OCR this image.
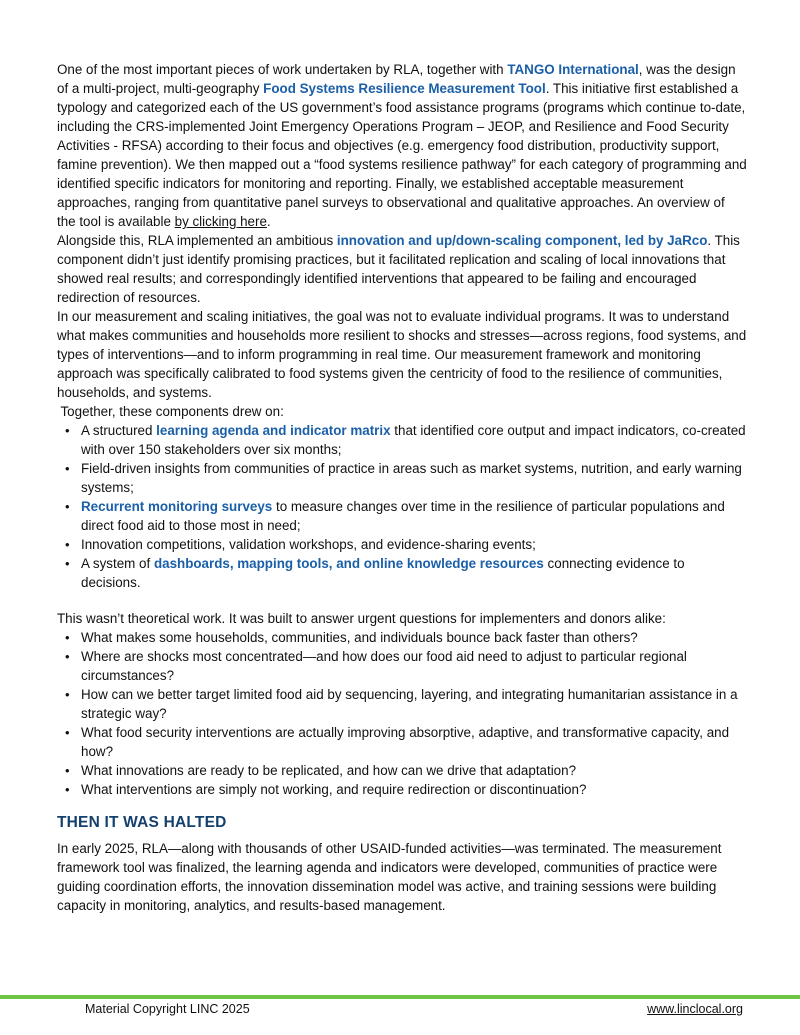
One of the most important pieces of work undertaken by RLA, together with TANGO International, was the design of a multi-project, multi-geography Food Systems Resilience Measurement Tool. This initiative first established a typology and categorized each of the US government’s food assistance programs (programs which continue to-date, including the CRS-implemented Joint Emergency Operations Program – JEOP, and Resilience and Food Security Activities - RFSA) according to their focus and objectives (e.g. emergency food distribution, productivity support, famine prevention). We then mapped out a “food systems resilience pathway” for each category of programming and identified specific indicators for monitoring and reporting. Finally, we established acceptable measurement approaches, ranging from quantitative panel surveys to observational and qualitative approaches. An overview of the tool is available by clicking here.

Alongside this, RLA implemented an ambitious innovation and up/down-scaling component, led by JaRco. This component didn’t just identify promising practices, but it facilitated replication and scaling of local innovations that showed real results; and correspondingly identified interventions that appeared to be failing and encouraged redirection of resources.

In our measurement and scaling initiatives, the goal was not to evaluate individual programs. It was to understand what makes communities and households more resilient to shocks and stresses—across regions, food systems, and types of interventions—and to inform programming in real time. Our measurement framework and monitoring approach was specifically calibrated to food systems given the centricity of food to the resilience of communities, households, and systems.

Together, these components drew on:

• A structured learning agenda and indicator matrix that identified core output and impact indicators, co-created with over 150 stakeholders over six months;
• Field-driven insights from communities of practice in areas such as market systems, nutrition, and early warning systems;
• Recurrent monitoring surveys to measure changes over time in the resilience of particular populations and direct food aid to those most in need;
• Innovation competitions, validation workshops, and evidence-sharing events;
• A system of dashboards, mapping tools, and online knowledge resources connecting evidence to decisions.

This wasn’t theoretical work. It was built to answer urgent questions for implementers and donors alike:

• What makes some households, communities, and individuals bounce back faster than others?
• Where are shocks most concentrated—and how does our food aid need to adjust to particular regional circumstances?
• How can we better target limited food aid by sequencing, layering, and integrating humanitarian assistance in a strategic way?
• What food security interventions are actually improving absorptive, adaptive, and transformative capacity, and how?
• What innovations are ready to be replicated, and how can we drive that adaptation?
• What interventions are simply not working, and require redirection or discontinuation?
THEN IT WAS HALTED

In early 2025, RLA—along with thousands of other USAID-funded activities—was terminated. The measurement framework tool was finalized, the learning agenda and indicators were developed, communities of practice were guiding coordination efforts, the innovation dissemination model was active, and training sessions were building capacity in monitoring, analytics, and results-based management.

Material Copyright LINC 2025	www.linclocal.org
